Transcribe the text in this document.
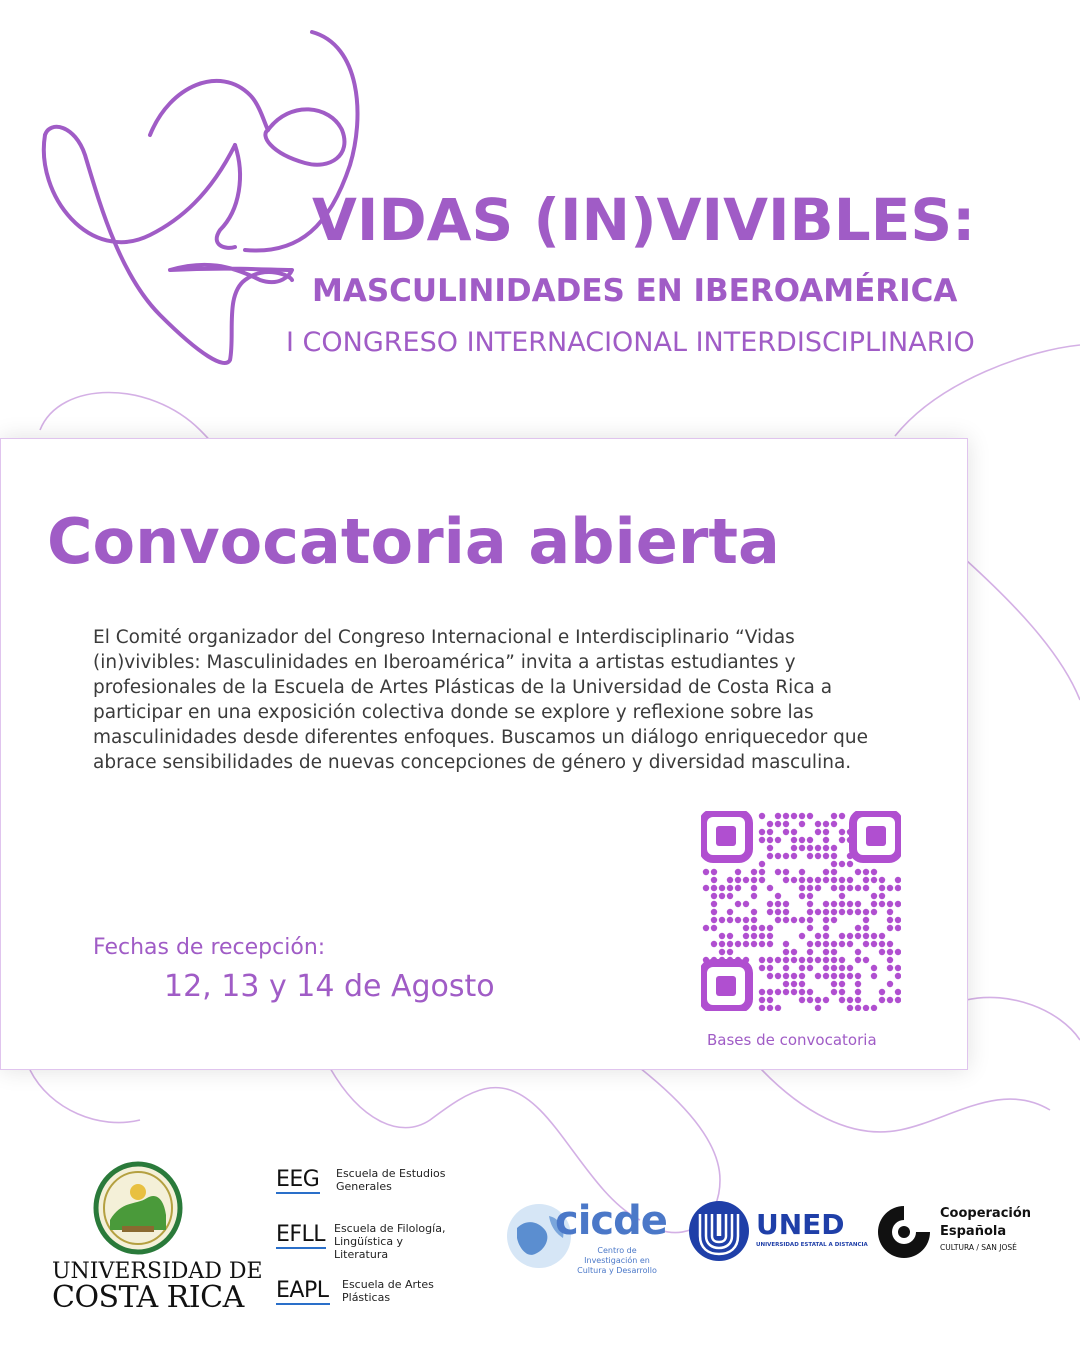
VIDAS (IN)VIVIBLES:
MASCULINIDADES EN IBEROAMÉRICA
I CONGRESO INTERNACIONAL INTERDISCIPLINARIO
Convocatoria abierta
El Comité organizador del Congreso Internacional e Interdisciplinario “Vidas (in)vivibles: Masculinidades en Iberoamérica” invita a artistas estudiantes y profesionales de la Escuela de Artes Plásticas de la Universidad de Costa Rica a participar en una exposición colectiva donde se explore y reflexione sobre las masculinidades desde diferentes enfoques. Buscamos un diálogo enriquecedor que abrace sensibilidades de nuevas concepciones de género y diversidad masculina.
Fechas de recepción:
12, 13 y 14 de Agosto
Bases de convocatoria
UNIVERSIDAD DE
COSTA RICA
EEG Escuela de Estudios Generales
EFLL Escuela de Filología, Lingüística y Literatura
EAPL Escuela de Artes Plásticas
cicde
Centro de Investigación en Cultura y Desarrollo
UNED
UNIVERSIDAD ESTATAL A DISTANCIA
Cooperación
Española
CULTURA / SAN JOSÉ
